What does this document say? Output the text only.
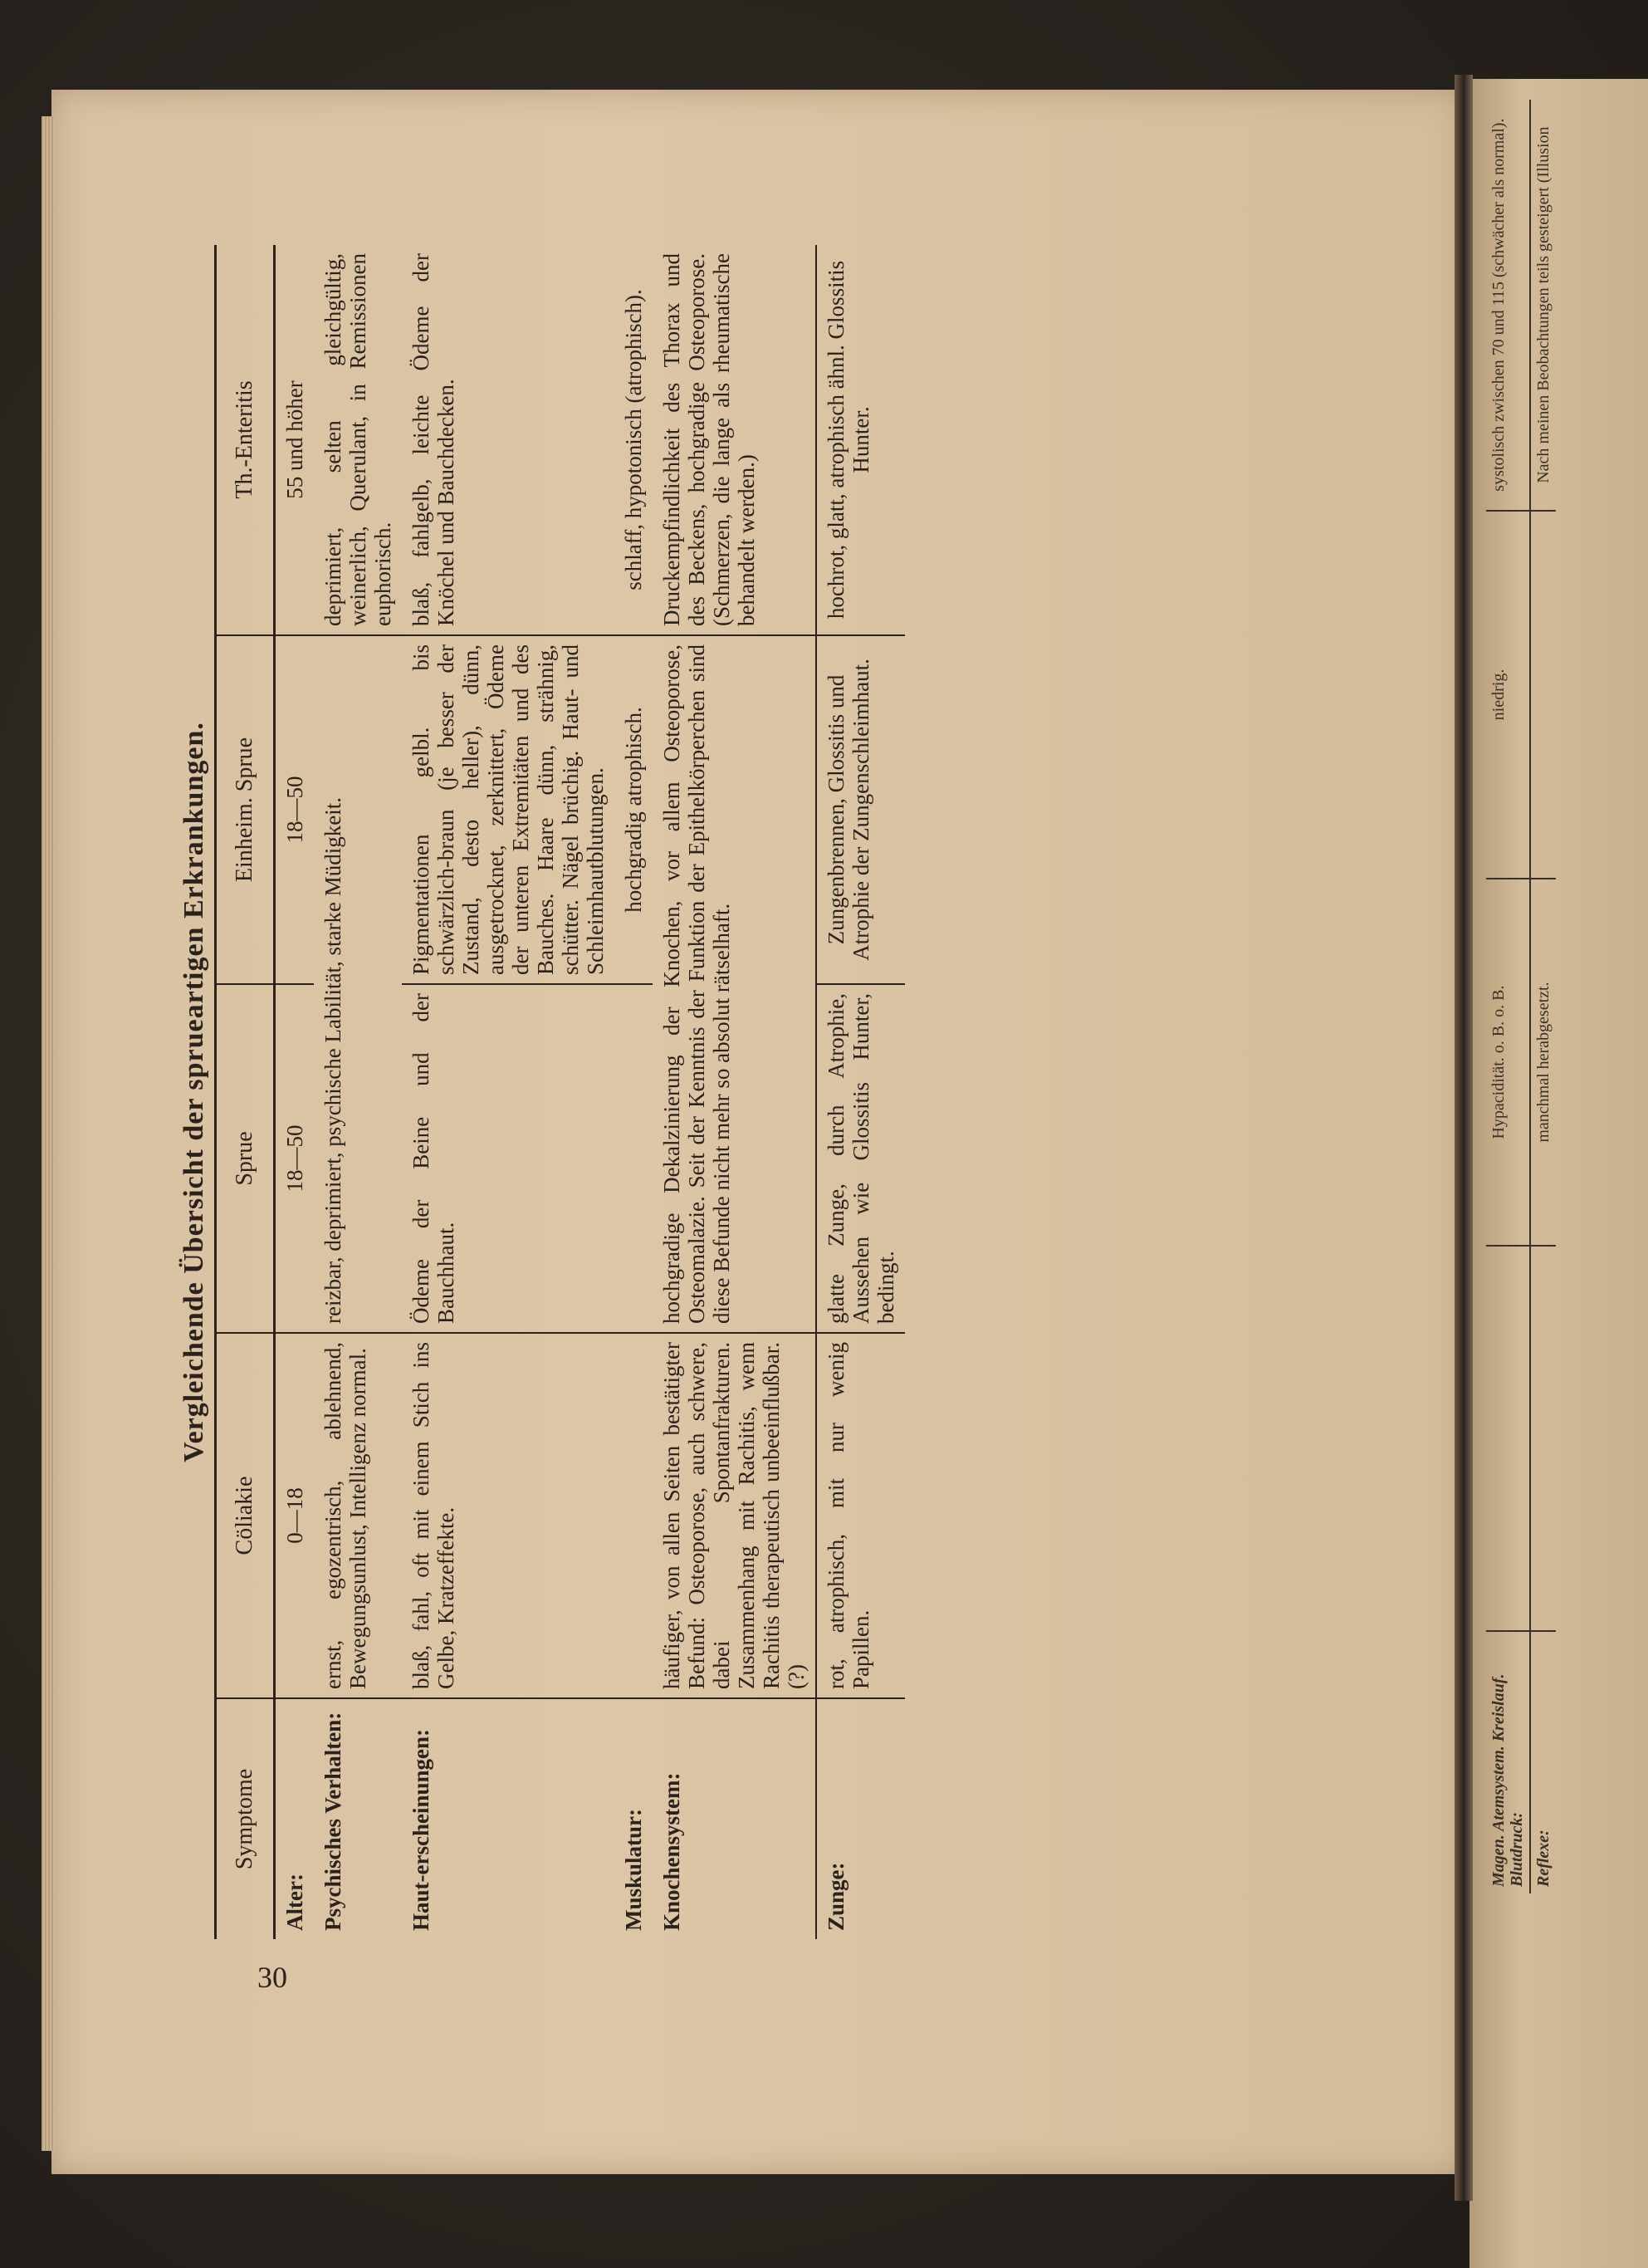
30
Vergleichende Übersicht der sprueartigen Erkrankungen.
Symptome	Cöliakie	Sprue	Einheim. Sprue	Th.-Enteritis
Alter:	0—18	18—50	18—50	55 und höher
Psychisches Verhalten:	ernst, egozentrisch, ablehnend, Bewegungsunlust, Intelligenz normal.	reizbar, deprimiert, psychische Labilität, starke Müdigkeit.		deprimiert, selten gleichgültig, weinerlich, Querulant, in Remissionen euphorisch.
Haut-erscheinungen:	blaß, fahl, oft mit einem Stich ins Gelbe, Kratzeffekte.	Ödeme der Beine und der Bauchhaut.	Pigmentationen gelbl. bis schwärzlich-braun (je besser der Zustand, desto heller), dünn, ausgetrocknet, zerknittert, Ödeme der unteren Extremitäten und des Bauches. Haare dünn, strähnig, schütter. Nägel brüchig. Haut- und Schleimhautblutungen.	blaß, fahlgelb, leichte Ödeme der Knöchel und Bauchdecken.
Muskulatur:			hochgradig atrophisch.	schlaff, hypotonisch (atrophisch).
Knochensystem:	häufiger, von allen Seiten bestätigter Befund: Osteoporose, auch schwere, dabei Spontanfrakturen. Zusammenhang mit Rachitis, wenn Rachitis therapeutisch unbeeinflußbar. (?)	hochgradige Dekalzinierung der Knochen, vor allem Osteoporose, Osteomalazie. Seit der Kenntnis der Funktion der Epithelkörperchen sind diese Befunde nicht mehr so absolut rätselhaft.		Druckempfindlichkeit des Thorax und des Beckens, hochgradige Osteoporose. (Schmerzen, die lange als rheumatische behandelt werden.)
Zunge:	rot, atrophisch, mit nur wenig Papillen.	glatte Zunge, durch Atrophie, Aussehen wie Glossitis Hunter, bedingt.	Zungenbrennen, Glossitis und Atrophie der Zungenschleimhaut.	hochrot, glatt, atrophisch ähnl. Glossitis Hunter.
Magen. Atemsystem. Kreislauf. Blutdruck:		Hypacidität. o. B. o. B.	niedrig.	systolisch zwischen 70 und 115 (schwächer als normal).
Reflexe:		manchmal herabgesetzt.		Nach meinen Beobachtungen teils gesteigert (Illusion
